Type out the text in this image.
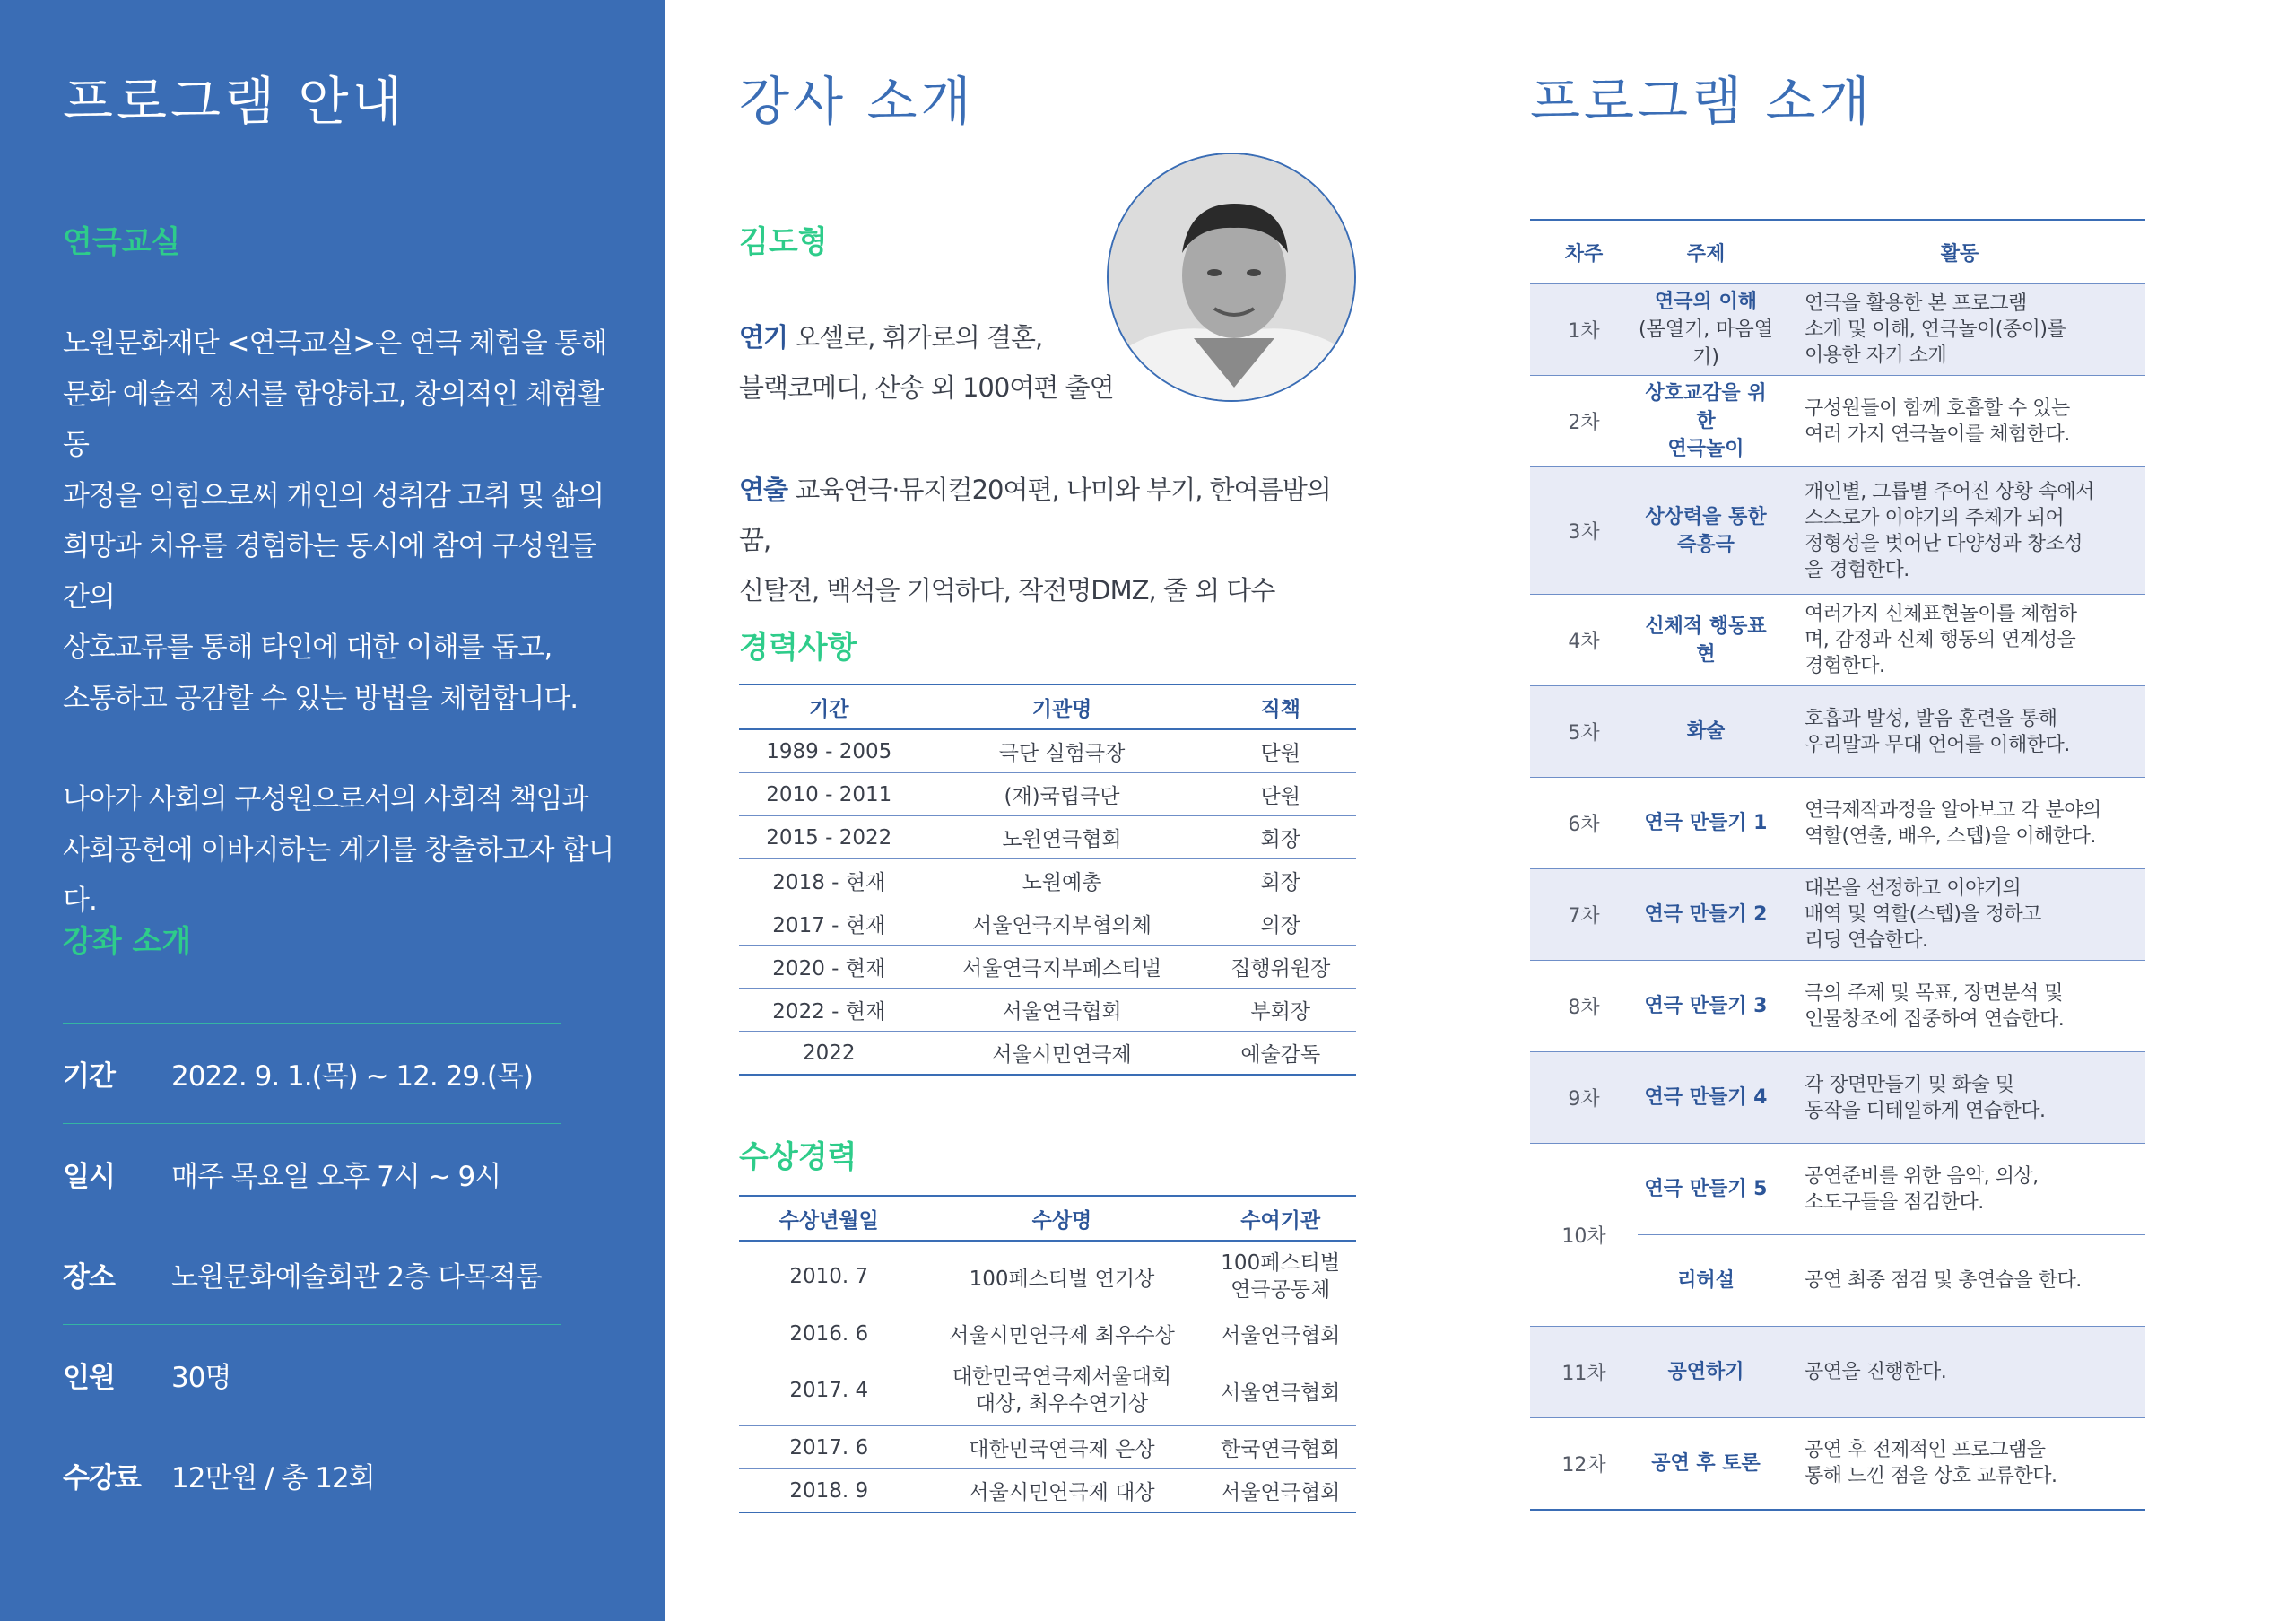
프로그램 안내
연극교실

노원문화재단 <연극교실>은 연극 체험을 통해
문화 예술적 정서를 함양하고, 창의적인 체험활동
과정을 익힘으로써 개인의 성취감 고취 및 삶의
희망과 치유를 경험하는 동시에 참여 구성원들 간의
상호교류를 통해 타인에 대한 이해를 돕고,
소통하고 공감할 수 있는 방법을 체험합니다.

나아가 사회의 구성원으로서의 사회적 책임과
사회공헌에 이바지하는 계기를 창출하고자 합니다.

강좌 소개
기간	2022. 9. 1.(목) ~ 12. 29.(목)
일시	매주 목요일 오후 7시 ~ 9시
장소	노원문화예술회관 2층 다목적룸
인원	30명
수강료	12만원 / 총 12회
강사 소개
김도형
연기 오셀로, 휘가로의 결혼,
블랙코메디, 산송 외 100여편 출연
연출 교육연극·뮤지컬20여편, 나미와 부기, 한여름밤의 꿈,
신탈전, 백석을 기억하다, 작전명DMZ, 줄 외 다수
경력사항
기간	기관명	직책
1989 - 2005	극단 실험극장	단원
2010 - 2011	(재)국립극단	단원
2015 - 2022	노원연극협회	회장
2018 - 현재	노원예총	회장
2017 - 현재	서울연극지부협의체	의장
2020 - 현재	서울연극지부페스티벌	집행위원장
2022 - 현재	서울연극협회	부회장
2022	서울시민연극제	예술감독
수상경력
수상년월일	수상명	수여기관
2010. 7	100페스티벌 연기상	100페스티벌
연극공동체
2016. 6	서울시민연극제 최우수상	서울연극협회
2017. 4	대한민국연극제서울대회
대상, 최우수연기상	서울연극협회
2017. 6	대한민국연극제 은상	한국연극협회
2018. 9	서울시민연극제 대상	서울연극협회
프로그램 소개
차주	주제	활동
1차	연극의 이해
(몸열기, 마음열기)	연극을 활용한 본 프로그램
소개 및 이해, 연극놀이(종이)를
이용한 자기 소개
2차	상호교감을 위한
연극놀이	구성원들이 함께 호흡할 수 있는
여러 가지 연극놀이를 체험한다.
3차	상상력을 통한
즉흥극	개인별, 그룹별 주어진 상황 속에서
스스로가 이야기의 주체가 되어
정형성을 벗어난 다양성과 창조성
을 경험한다.
4차	신체적 행동표현	여러가지 신체표현놀이를 체험하
며, 감정과 신체 행동의 연계성을
경험한다.
5차	화술	호흡과 발성, 발음 훈련을 통해
우리말과 무대 언어를 이해한다.
6차	연극 만들기 1	연극제작과정을 알아보고 각 분야의
역할(연출, 배우, 스텝)을 이해한다.
7차	연극 만들기 2	대본을 선정하고 이야기의
배역 및 역할(스텝)을 정하고
리딩 연습한다.
8차	연극 만들기 3	극의 주제 및 목표, 장면분석 및
인물창조에 집중하여 연습한다.
9차	연극 만들기 4	각 장면만들기 및 화술 및
동작을 디테일하게 연습한다.
10차	연극 만들기 5	공연준비를 위한 음악, 의상,
소도구들을 점검한다.
	리허설	공연 최종 점검 및 총연습을 한다.
11차	공연하기	공연을 진행한다.
12차	공연 후 토론	공연 후 전제적인 프로그램을
통해 느낀 점을 상호 교류한다.
